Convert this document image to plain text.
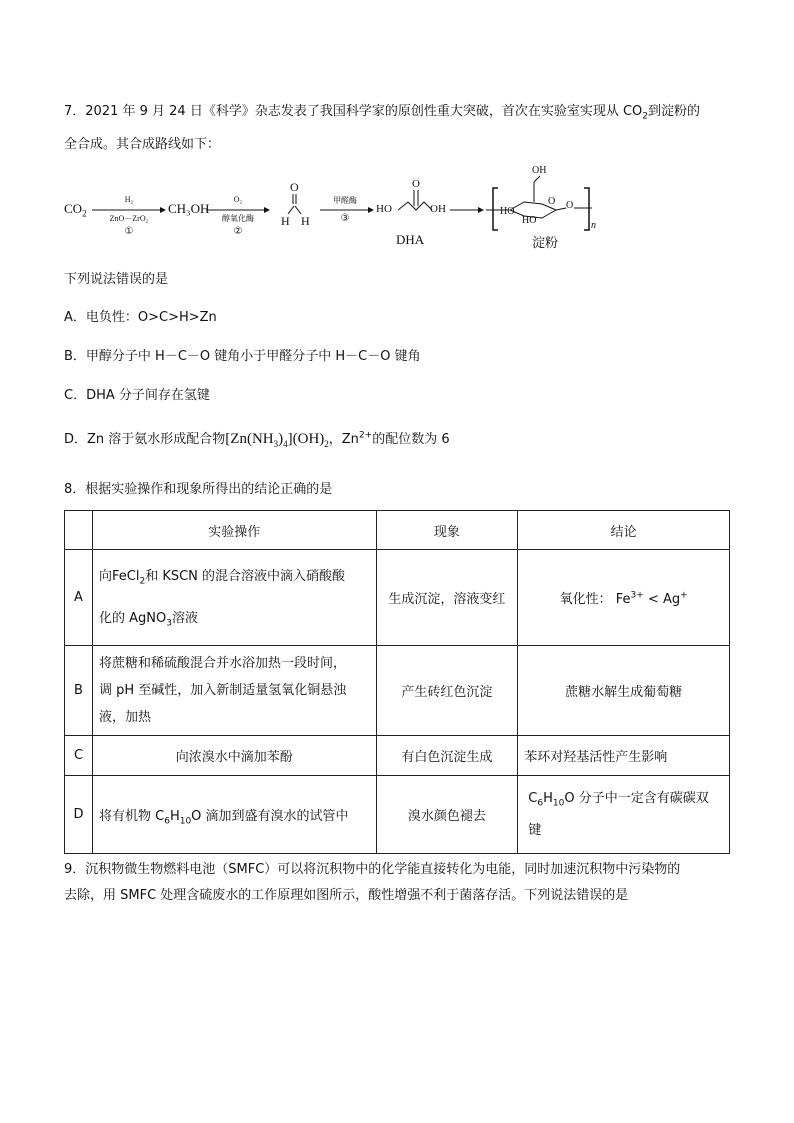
7．2021 年 9 月 24 日《科学》杂志发表了我国科学家的原创性重大突破，首次在实验室实现从 $CO_2$到淀粉的
全合成。其合成路线如下：
$CO_2$
H₂
ZnO－ZrO₂
①
CH₃OH
O₂
醇氧化酶
②
O
H H
甲醛酶
③
HO
O
OH
DHA
OH
HO
HO
O O
n
淀粉
下列说法错误的是
A．电负性：O>C>H>Zn
B．甲醇分子中 H－C－O 键角小于甲醛分子中 H－C－O 键角
C．DHA 分子间存在氢键
D．Zn 溶于氨水形成配合物$[Zn(NH_3)_4](OH)_2$，$Zn^{2+}$的配位数为 6
8．根据实验操作和现象所得出的结论正确的是
	实验操作	现象	结论
A	向FeCl$_2$和 KSCN 的混合溶液中滴入硝酸酸
化的 AgNO$_3$溶液	生成沉淀，溶液变红	氧化性： $Fe^{3+} < Ag^+$
B	将蔗糖和稀硫酸混合并水浴加热一段时间，
调 pH 至碱性，加入新制适量氢氧化铜悬浊
液，加热	产生砖红色沉淀	蔗糖水解生成葡萄糖
C	向浓溴水中滴加苯酚	有白色沉淀生成	苯环对羟基活性产生影响
D	将有机物 $C_6H_{10}O$ 滴加到盛有溴水的试管中	溴水颜色褪去	$C_6H_{10}O$ 分子中一定含有碳碳双
键
9．沉积物微生物燃料电池（SMFC）可以将沉积物中的化学能直接转化为电能，同时加速沉积物中污染物的
去除，用 SMFC 处理含硫废水的工作原理如图所示，酸性增强不利于菌落存活。下列说法错误的是
